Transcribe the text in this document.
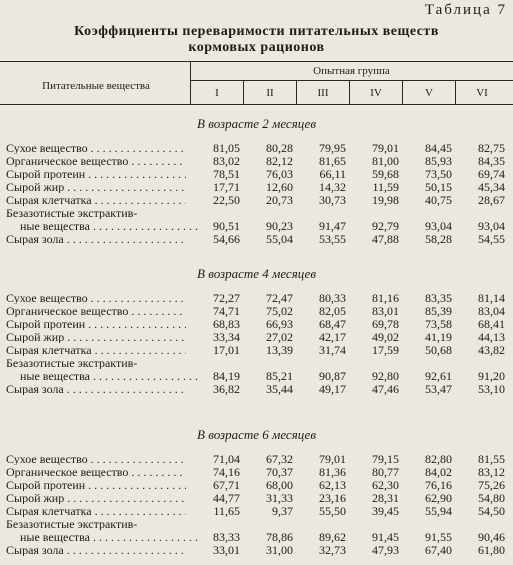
Таблица 7
Коэффициенты переваримости питательных веществ
кормовых рационов
Питательные вещества
Опытная группа
I	II	III	IV	V	VI
В возрасте 2 месяцев
Сухое вещество . . .	81,05	80,28	79,95	79,01	84,45	82,75
Органическое вещество . . .	83,02	82,12	81,65	81,00	85,93	84,35
Сырой протеин . . .	78,51	76,03	66,11	59,68	73,50	69,74
Сырой жир . . .	17,71	12,60	14,32	11,59	50,15	45,34
Сырая клетчатка . . .	22,50	20,73	30,73	19,98	40,75	28,67
Безазотистые экстрактив-
ные вещества . . .	90,51	90,23	91,47	92,79	93,04	93,04
Сырая зола . . .	54,66	55,04	53,55	47,88	58,28	54,55
В возрасте 4 месяцев
Сухое вещество . . .	72,27	72,47	80,33	81,16	83,35	81,14
Органическое вещество . . .	74,71	75,02	82,05	83,01	85,39	83,04
Сырой протеин . . .	68,83	66,93	68,47	69,78	73,58	68,41
Сырой жир . . .	33,34	27,02	42,17	49,02	41,19	44,13
Сырая клетчатка . . .	17,01	13,39	31,74	17,59	50,68	43,82
Безазотистые экстрактив-
ные вещества . . .	84,19	85,21	90,87	92,80	92,61	91,20
Сырая зола . . .	36,82	35,44	49,17	47,46	53,47	53,10
В возрасте 6 месяцев
Сухое вещество . . .	71,04	67,32	79,01	79,15	82,80	81,55
Органическое вещество . . .	74,16	70,37	81,36	80,77	84,02	83,12
Сырой протеин . . .	67,71	68,00	62,13	62,30	76,16	75,26
Сырой жир . . .	44,77	31,33	23,16	28,31	62,90	54,80
Сырая клетчатка . . .	11,65	9,37	55,50	39,45	55,94	54,50
Безазотистые экстрактив-
ные вещества . . .	83,33	78,86	89,62	91,45	91,55	90,46
Сырая зола . . .	33,01	31,00	32,73	47,93	67,40	61,80
